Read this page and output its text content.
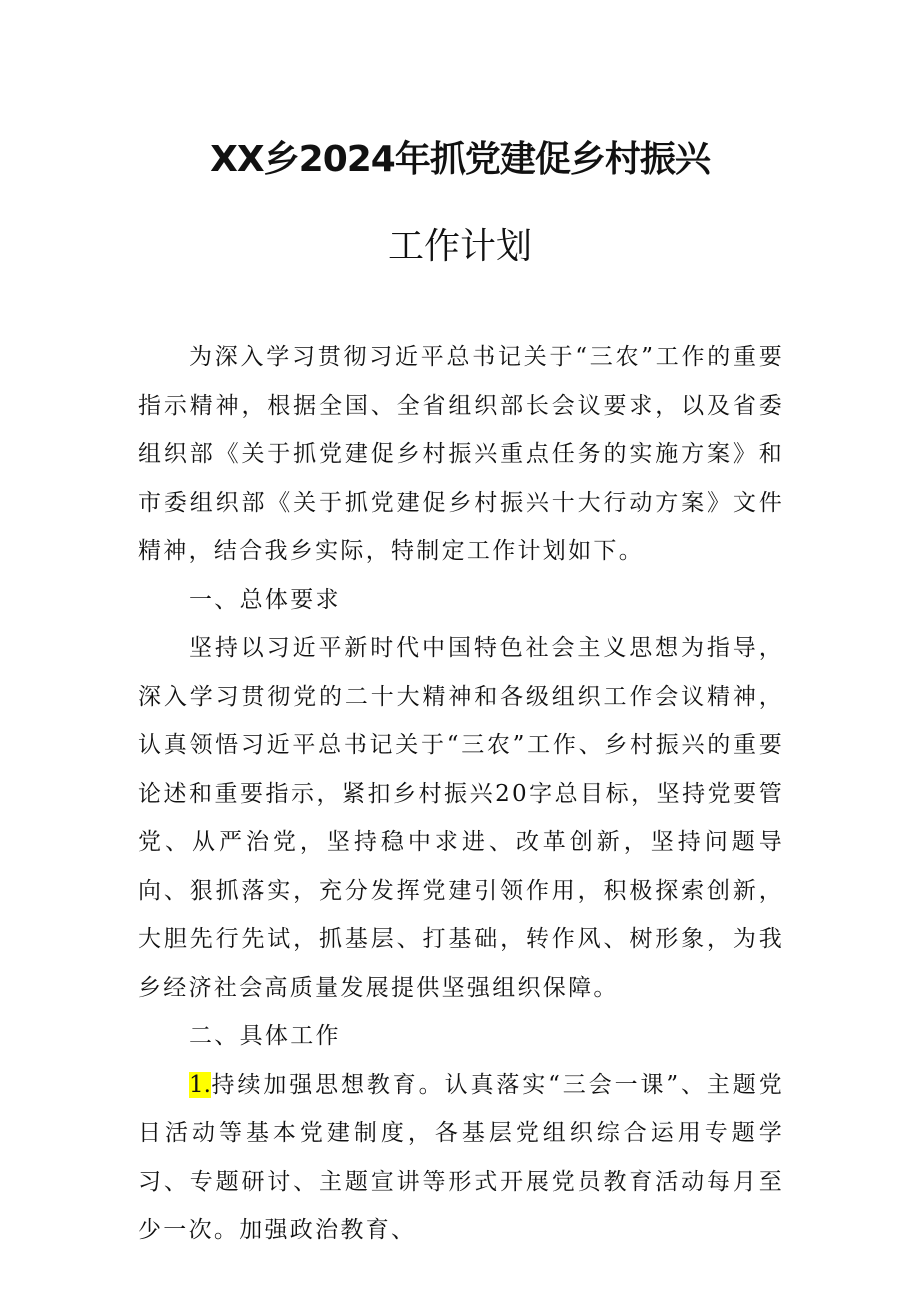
XX乡2024年抓党建促乡村振兴
工作计划

为深入学习贯彻习近平总书记关于“三农”工作的重要指示精神，根据全国、全省组织部长会议要求，以及省委组织部《关于抓党建促乡村振兴重点任务的实施方案》和市委组织部《关于抓党建促乡村振兴十大行动方案》文件精神，结合我乡实际，特制定工作计划如下。

一、总体要求

坚持以习近平新时代中国特色社会主义思想为指导，深入学习贯彻党的二十大精神和各级组织工作会议精神，认真领悟习近平总书记关于“三农”工作、乡村振兴的重要论述和重要指示，紧扣乡村振兴20字总目标，坚持党要管党、从严治党，坚持稳中求进、改革创新，坚持问题导向、狠抓落实，充分发挥党建引领作用，积极探索创新，大胆先行先试，抓基层、打基础，转作风、树形象，为我乡经济社会高质量发展提供坚强组织保障。

二、具体工作

1.持续加强思想教育。认真落实“三会一课”、主题党日活动等基本党建制度，各基层党组织综合运用专题学习、专题研讨、主题宣讲等形式开展党员教育活动每月至少一次。加强政治教育、
